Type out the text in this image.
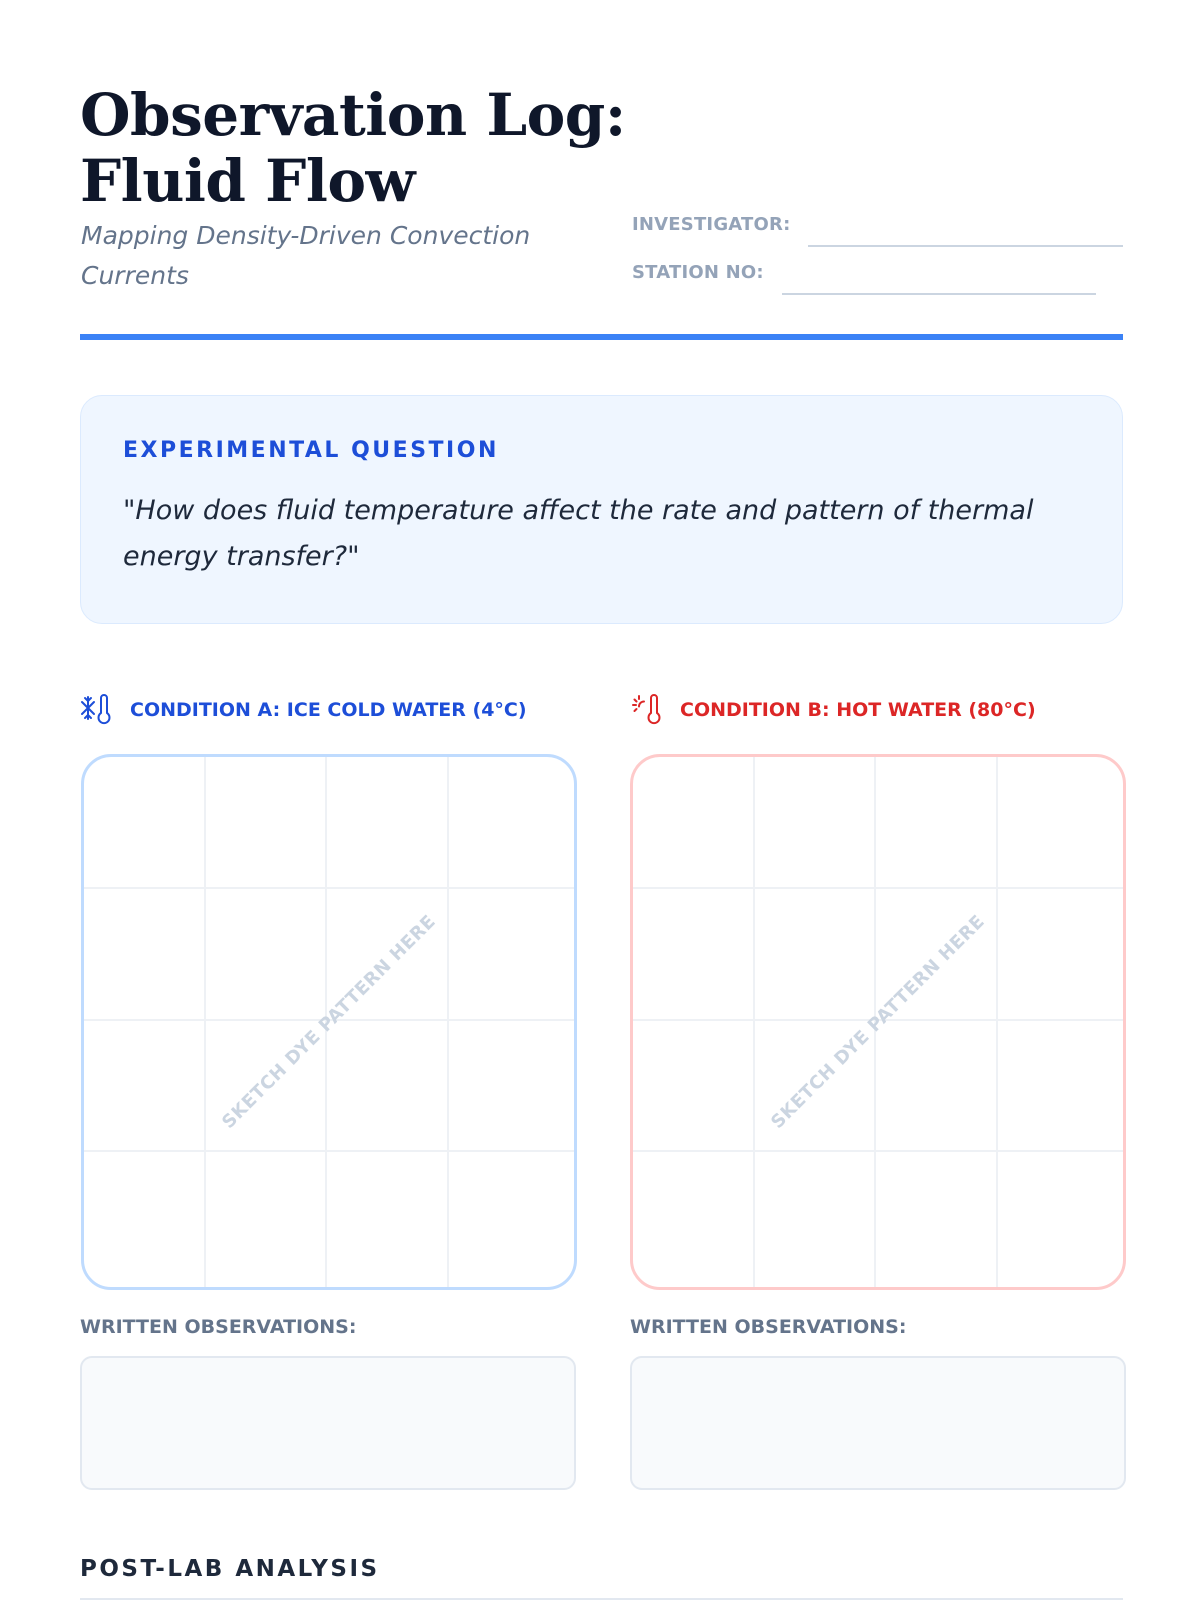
Observation Log:
Fluid Flow
Mapping Density-Driven Convection Currents
INVESTIGATOR:
STATION NO:
EXPERIMENTAL QUESTION
"How does fluid temperature affect the rate and pattern of thermal energy transfer?"
CONDITION A: ICE COLD WATER (4°C)
SKETCH DYE PATTERN HERE
WRITTEN OBSERVATIONS:
CONDITION B: HOT WATER (80°C)
SKETCH DYE PATTERN HERE
WRITTEN OBSERVATIONS:
POST-LAB ANALYSIS
